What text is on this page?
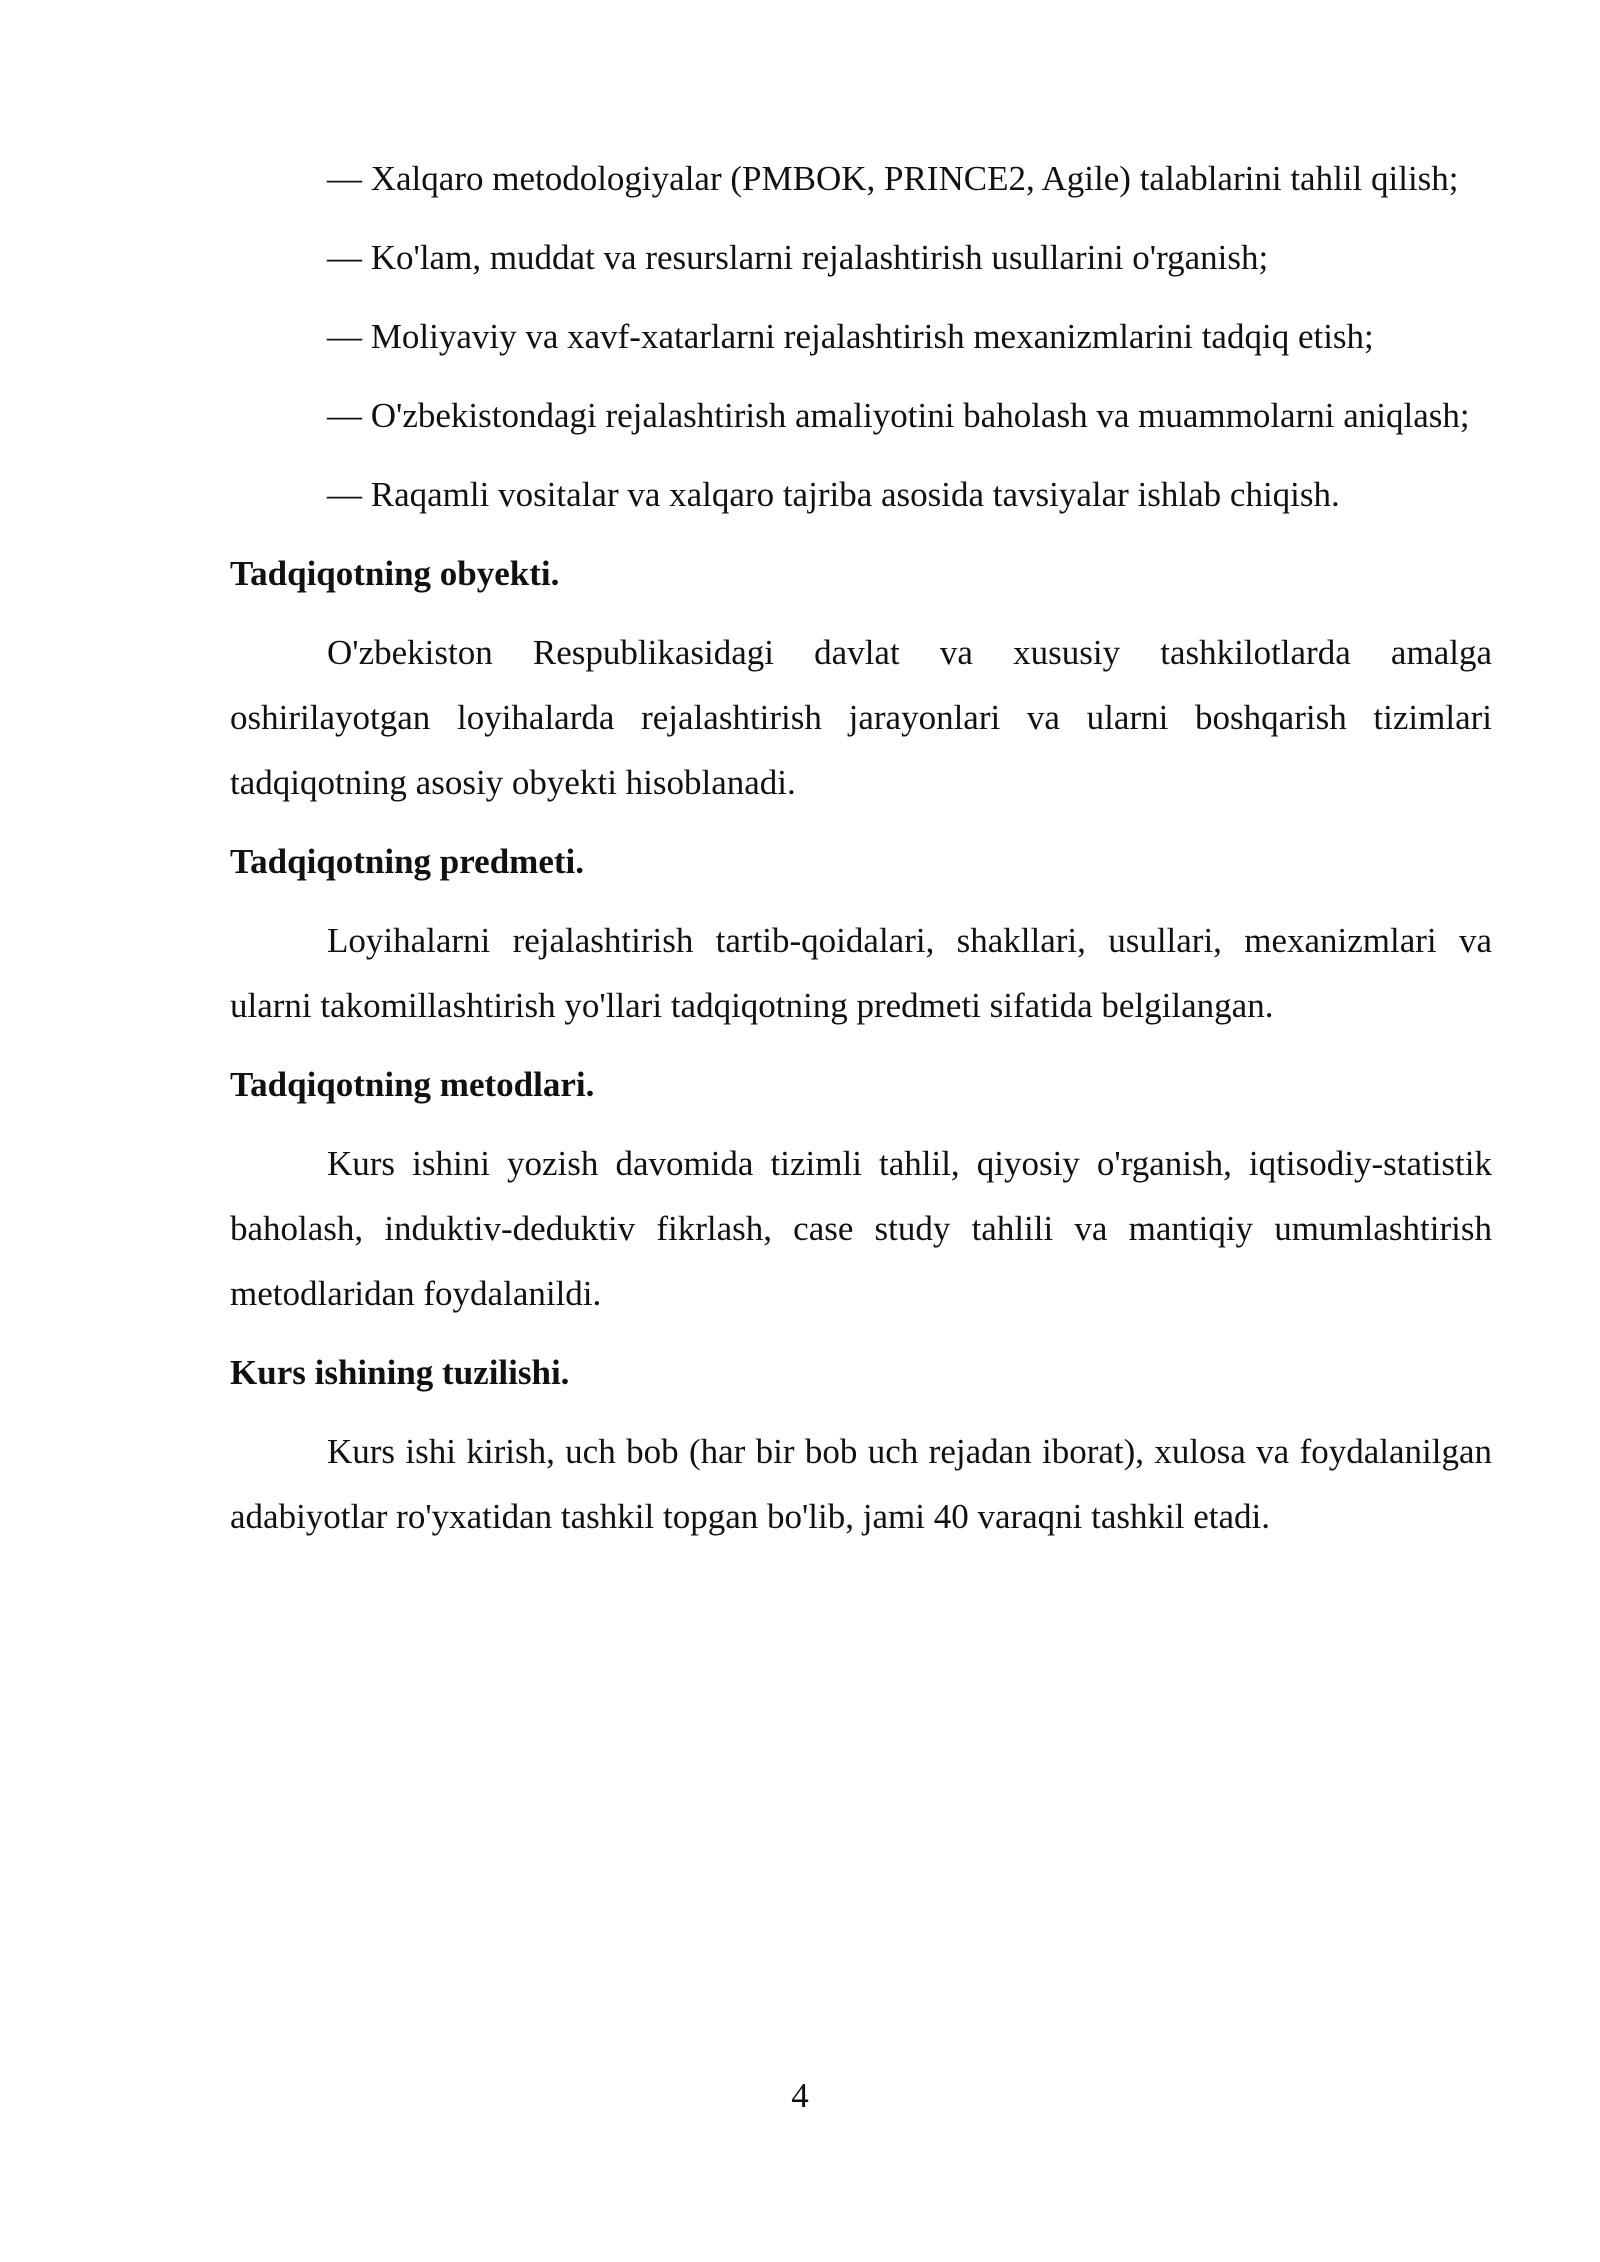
— Xalqaro metodologiyalar (PMBOK, PRINCE2, Agile) talablarini tahlil qilish;

— Ko'lam, muddat va resurslarni rejalashtirish usullarini o'rganish;

— Moliyaviy va xavf-xatarlarni rejalashtirish mexanizmlarini tadqiq etish;

— O'zbekistondagi rejalashtirish amaliyotini baholash va muammolarni aniqlash;

— Raqamli vositalar va xalqaro tajriba asosida tavsiyalar ishlab chiqish.

Tadqiqotning obyekti.

O'zbekiston Respublikasidagi davlat va xususiy tashkilotlarda amalga oshirilayotgan loyihalarda rejalashtirish jarayonlari va ularni boshqarish tizimlari tadqiqotning asosiy obyekti hisoblanadi.

Tadqiqotning predmeti.

Loyihalarni rejalashtirish tartib-qoidalari, shakllari, usullari, mexanizmlari va ularni takomillashtirish yo'llari tadqiqotning predmeti sifatida belgilangan.

Tadqiqotning metodlari.

Kurs ishini yozish davomida tizimli tahlil, qiyosiy o'rganish, iqtisodiy-statistik baholash, induktiv-deduktiv fikrlash, case study tahlili va mantiqiy umumlashtirish metodlaridan foydalanildi.

Kurs ishining tuzilishi.

Kurs ishi kirish, uch bob (har bir bob uch rejadan iborat), xulosa va foydalanilgan adabiyotlar ro'yxatidan tashkil topgan bo'lib, jami 40 varaqni tashkil etadi.

4
